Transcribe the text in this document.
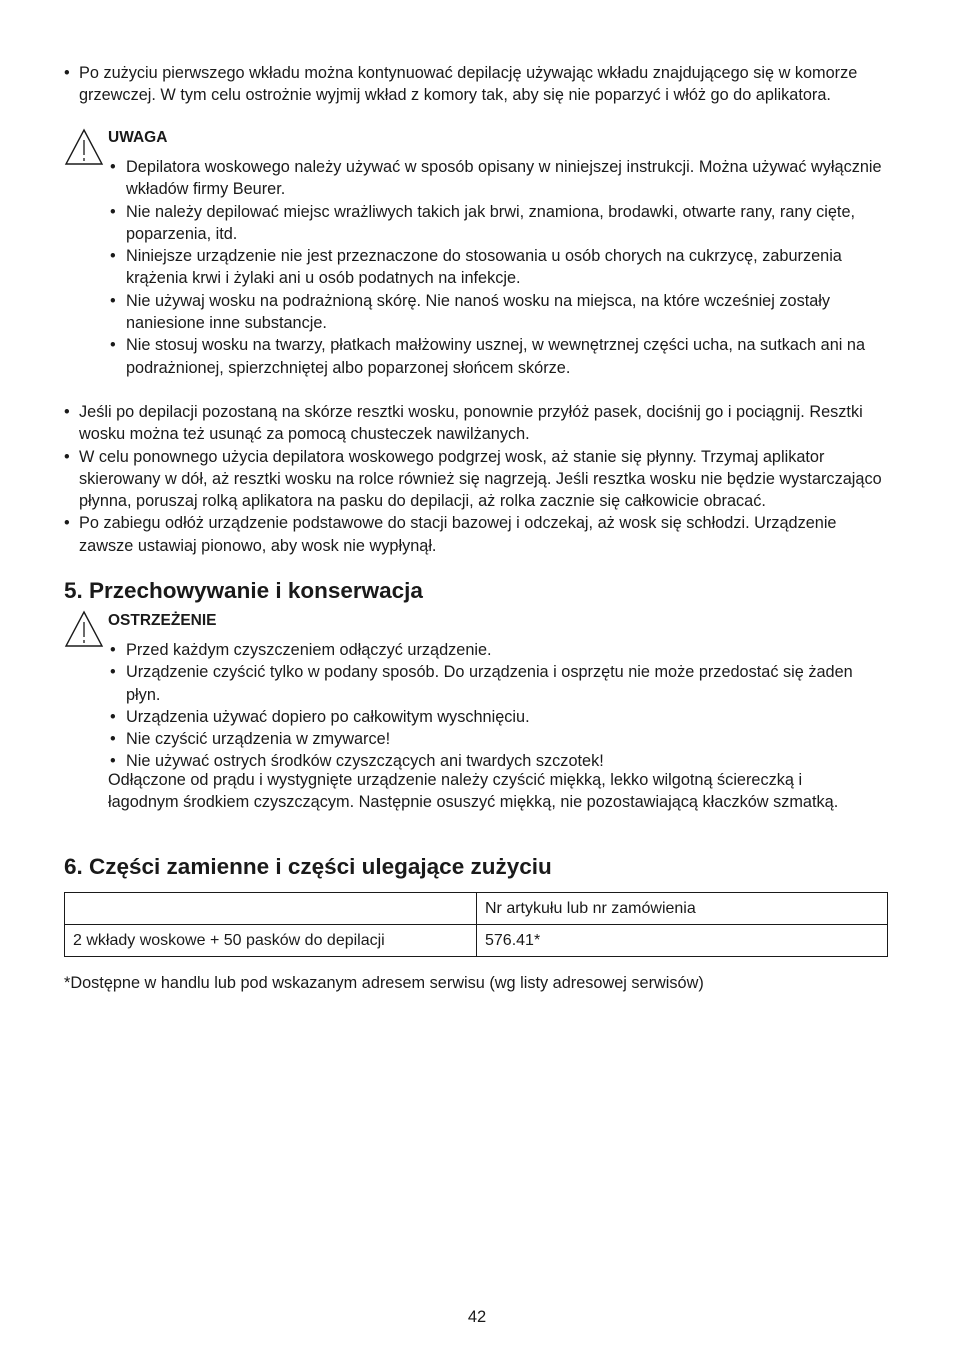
• Po zużyciu pierwszego wkładu można kontynuować depilację używając wkładu znajdującego się w komorze grzewczej. W tym celu ostrożnie wyjmij wkład z komory tak, aby się nie poparzyć i włóż go do aplikatora.
UWAGA
• Depilatora woskowego należy używać w sposób opisany w niniejszej instrukcji. Można używać wyłącznie wkładów firmy Beurer.
• Nie należy depilować miejsc wrażliwych takich jak brwi, znamiona, brodawki, otwarte rany, rany cięte, poparzenia, itd.
• Niniejsze urządzenie nie jest przeznaczone do stosowania u osób chorych na cukrzycę, zaburzenia krążenia krwi i żylaki ani u osób podatnych na infekcje.
• Nie używaj wosku na podrażnioną skórę. Nie nanoś wosku na miejsca, na które wcześniej zostały naniesione inne substancje.
• Nie stosuj wosku na twarzy, płatkach małżowiny usznej, w wewnętrznej części ucha, na sutkach ani na podrażnionej, spierzchniętej albo poparzonej słońcem skórze.
• Jeśli po depilacji pozostaną na skórze resztki wosku, ponownie przyłóż pasek, dociśnij go i pociągnij. Resztki wosku można też usunąć za pomocą chusteczek nawilżanych.
• W celu ponownego użycia depilatora woskowego podgrzej wosk, aż stanie się płynny. Trzymaj aplikator skierowany w dół, aż resztki wosku na rolce również się nagrzeją. Jeśli resztka wosku nie będzie wystarczająco płynna, poruszaj rolką aplikatora na pasku do depilacji, aż rolka zacznie się całkowicie obracać.
• Po zabiegu odłóż urządzenie podstawowe do stacji bazowej i odczekaj, aż wosk się schłodzi. Urządzenie zawsze ustawiaj pionowo, aby wosk nie wypłynął.
5. Przechowywanie i konserwacja
OSTRZEŻENIE
• Przed każdym czyszczeniem odłączyć urządzenie.
• Urządzenie czyścić tylko w podany sposób. Do urządzenia i osprzętu nie może przedostać się żaden płyn.
• Urządzenia używać dopiero po całkowitym wyschnięciu.
• Nie czyścić urządzenia w zmywarce!
• Nie używać ostrych środków czyszczących ani twardych szczotek!
Odłączone od prądu i wystygnięte urządzenie należy czyścić miękką, lekko wilgotną ściereczką i łagodnym środkiem czyszczącym. Następnie osuszyć miękką, nie pozostawiającą kłaczków szmatką.
6. Części zamienne i części ulegające zużyciu
	Nr artykułu lub nr zamówienia
2 wkłady woskowe + 50 pasków do depilacji	576.41*
*Dostępne w handlu lub pod wskazanym adresem serwisu (wg listy adresowej serwisów)
42
